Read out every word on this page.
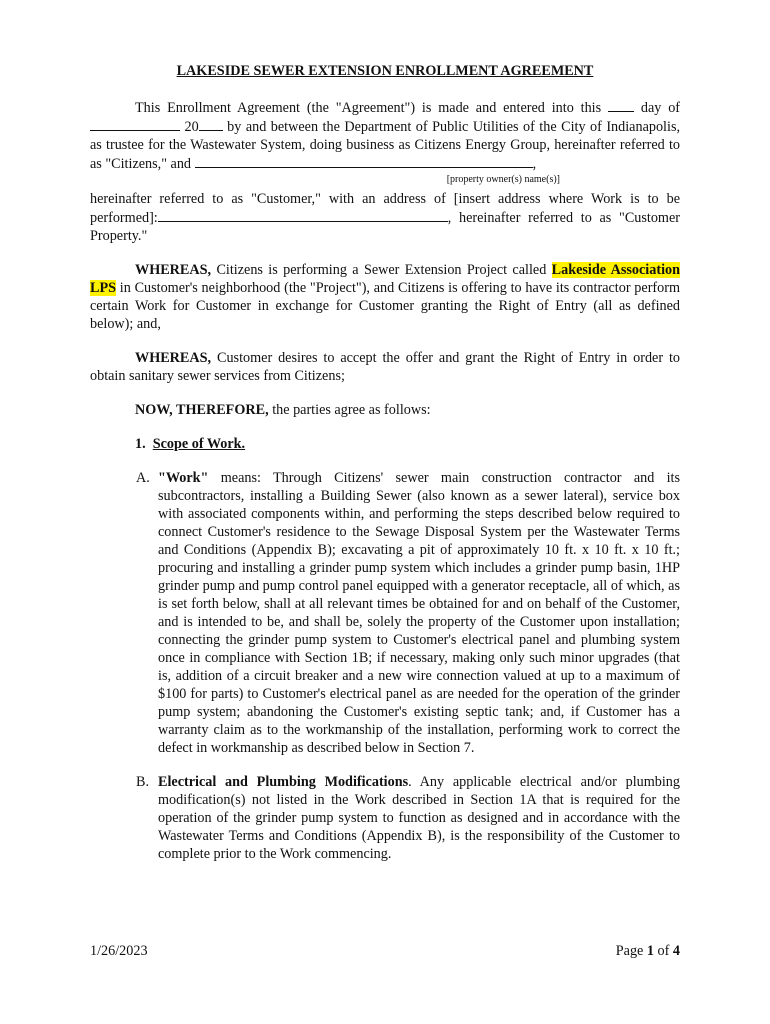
LAKESIDE SEWER EXTENSION ENROLLMENT AGREEMENT

This Enrollment Agreement (the "Agreement") is made and entered into this	day of  20 by and between the Department of Public Utilities of the City of Indianapolis, as trustee for the Wastewater System, doing business as Citizens Energy Group, hereinafter referred to as "Citizens," and	,

[property owner(s) name(s)]

hereinafter referred to as "Customer," with an address of [insert address where Work is to be performed]:	, hereinafter referred to as "Customer Property."

WHEREAS, Citizens is performing a Sewer Extension Project called Lakeside Association LPS in Customer's neighborhood (the "Project"), and Citizens is offering to have its contractor perform certain Work for Customer in exchange for Customer granting the Right of Entry (all as defined below); and,

WHEREAS, Customer desires to accept the offer and grant the Right of Entry in order to obtain sanitary sewer services from Citizens;

NOW, THEREFORE, the parties agree as follows:

1. Scope of Work.
A. "Work" means: Through Citizens' sewer main construction contractor and its subcontractors, installing a Building Sewer (also known as a sewer lateral), service box with associated components within, and performing the steps described below required to connect Customer's residence to the Sewage Disposal System per the Wastewater Terms and Conditions (Appendix B); excavating a pit of approximately 10 ft. x 10 ft. x 10 ft.; procuring and installing a grinder pump system which includes a grinder pump basin, 1HP grinder pump and pump control panel equipped with a generator receptacle, all of which, as is set forth below, shall at all relevant times be obtained for and on behalf of the Customer, and is intended to be, and shall be, solely the property of the Customer upon installation; connecting the grinder pump system to Customer's electrical panel and plumbing system once in compliance with Section 1B; if necessary, making only such minor upgrades (that is, addition of a circuit breaker and a new wire connection valued at up to a maximum of $100 for parts) to Customer's electrical panel as are needed for the operation of the grinder pump system; abandoning the Customer's existing septic tank; and, if Customer has a warranty claim as to the workmanship of the installation, performing work to correct the defect in workmanship as described below in Section 7.

B. Electrical and Plumbing Modifications. Any applicable electrical and/or plumbing modification(s) not listed in the Work described in Section 1A that is required for the operation of the grinder pump system to function as designed and in accordance with the Wastewater Terms and Conditions (Appendix B), is the responsibility of the Customer to complete prior to the Work commencing.

1/26/2023	Page 1 of 4
